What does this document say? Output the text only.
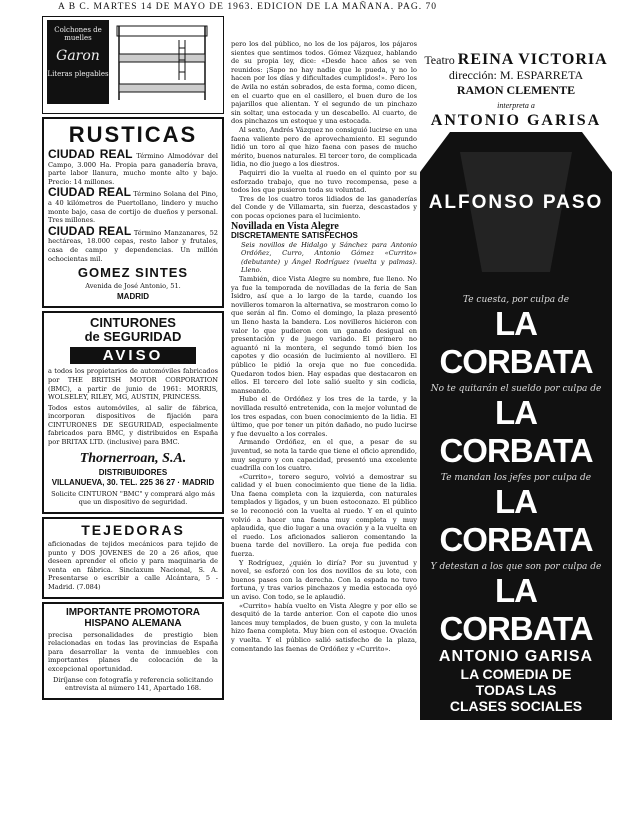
A B C. MARTES 14 DE MAYO DE 1963. EDICION DE LA MAÑANA. PAG. 70
Colchones de muelles
Garon
Literas plegables
RUSTICAS
CIUDAD REAL Término Almodóvar del Campo, 3.000 Ha. Propia para ganadería brava, parte labor llanura, mucho monte alto y bajo. Precio: 14 millones.
CIUDAD REAL Término Solana del Pino, a 40 kilómetros de Puertollano, lindero y mucho monte bajo, casa de cortijo de dueños y personal. Tres millones.
CIUDAD REAL Término Manzanares, 52 hectáreas, 18.000 cepas, resto labor y frutales, casa de campo y dependencias. Un millón ochocientas mil.
GOMEZ SINTES
Avenida de José Antonio, 51.
MADRID
CINTURONES
de SEGURIDAD
AVISO
a todos los propietarios de automóviles fabricados por THE BRITISH MOTOR CORPORATION (BMC), a partir de junio de 1961: MORRIS, WOLSELEY, RILEY, MG, AUSTIN, PRINCESS.
Todos estos automóviles, al salir de fábrica, incorporan dispositivos de fijación para CINTURONES DE SEGURIDAD, especialmente fabricados para BMC, y distribuidos en España por BRITAX LTD. (inclusive) para BMC.
Thornerroan, S.A.
DISTRIBUIDORES
VILLANUEVA, 30. TEL. 225 36 27 · MADRID
Solicite CINTURON "BMC" y comprará algo más que un dispositivo de seguridad.
TEJEDORAS
aficionadas de tejidos mecánicos para tejido de punto y DOS JOVENES de 20 a 26 años, que deseen aprender el oficio y para maquinaria de venta en fábrica. Sinclaxum Nacional, S. A. Presentarse o escribir a calle Alcántara, 5 - Madrid. (7.084)
IMPORTANTE PROMOTORA HISPANO ALEMANA
precisa personalidades de prestigio bien relacionadas en todas las provincias de España para desarrollar la venta de inmuebles con importantes planes de colocación de la excepcional oportunidad.
Diríjanse con fotografía y referencia solicitando entrevista al número 141, Apartado 168.
pero los del público, no los de los pájaros, los pájaros sientes que sentimos todos. Gómez Vázquez, hablando de su propia ley, dice: «Desde hace años se ven reunidos: ¡Sapo no hay nadie que le pueda, y no lo hacen por los días y dificultades cumplidos!». Pero los de Avila no están sobrados, de esta forma, como dicen, en el cuarto que en el casillero, el buen duro de los pajarillos que alientan. Y el segundo de un pinchazo sin soltar, una estocada y un descabello. Al cuarto, de dos pinchazos un estoque y una estocada.
Al sexto, Andrés Vázquez no consiguió lucirse en una faena valiente pero de aprovechamiento. El segundo lidió un toro al que hizo faena con pases de mucho mérito, buenos naturales. El tercer toro, de complicada lidia, no dio juego a los diestros.
Paquirri dio la vuelta al ruedo en el quinto por su esforzado trabajo, que no tuvo recompensa, pese a todos los que pusieron toda su voluntad.
Tres de los cuatro toros lidiados de las ganaderías del Conde y de Villamarta, sin fuerza, descastados y con pocas opciones para el lucimiento.
Novillada en Vista Alegre
DISCRETAMENTE SATISFECHOS
Seis novillos de Hidalgo y Sánchez para Antonio Ordóñez, Curro, Antonio Gómez «Currito» (debutante) y Ángel Rodríguez (vuelta y palmas). Lleno.
También, dice Vista Alegre su nombre, fue lleno. No ya fue la temporada de novilladas de la feria de San Isidro, así que a lo largo de la tarde, cuando los novilleros tomaron la alternativa, se mostraron como lo que serán al fin. Como el domingo, la plaza presentó un lleno hasta la bandera. Los novilleros hicieron con valor lo que pudieron con un ganado desigual en presentación y de juego variado. El primero no aguantó ni la montera, el segundo tomó bien los capotes y dio ocasión de lucimiento al novillero. El público le pidió la oreja que no fue concedida. Quedaron todos bien. Hay espadas que destacaron en ellos. El tercero del lote salió suelto y sin codicia, manseando.
Hubo el de Ordóñez y los tres de la tarde, y la novillada resultó entretenida, con la mejor voluntad de los tres espadas, con buen conocimiento de la lidia. El último, que por tener un pitón dañado, no pudo lucirse y fue devuelto a los corrales.
Armando Ordóñez, en el que, a pesar de su juventud, se nota la tarde que tiene el oficio aprendido, muy seguro y con capacidad, presentó una excelente cuadrilla con los cuatro.
«Currito», torero seguro, volvió a demostrar su calidad y el buen conocimiento que tiene de la lidia. Una faena completa con la izquierda, con naturales templados y ligados, y un buen estoconazo. El público se lo reconoció con la vuelta al ruedo. Y en el quinto volvió a hacer una faena muy completa y muy aplaudida, que dio lugar a una ovación y a la vuelta en el ruedo. Los aficionados salieron comentando la buena tarde del novillero. La oreja fue pedida con fuerza.
Y Rodríguez, ¿quién lo diría? Por su juventud y novel, se esforzó con los dos novillos de su lote, con buenos pases con la derecha. Con la espada no tuvo fortuna, y tras varios pinchazos y media estocada oyó un aviso. Con todo, se le aplaudió.
«Currito» había vuelto en Vista Alegre y por ello se desquitó de la tarde anterior. Con el capote dio unos lances muy templados, de buen gusto, y con la muleta hizo faena completa. Muy bien con el estoque. Ovación y vuelta. Y el público salió satisfecho de la plaza, comentando las faenas de Ordóñez y «Currito».
Teatro REINA VICTORIA
dirección: M. ESPARRETA
RAMON CLEMENTE
interpreta a
ANTONIO GARISA
ALFONSO PASO
Te cuesta, por culpa de
LA CORBATA
No te quitarán el sueldo por culpa de
LA CORBATA
Te mandan los jefes por culpa de
LA CORBATA
Y detestan a los que son por culpa de
LA CORBATA
ANTONIO GARISA
LA COMEDIA DE
TODAS LAS
CLASES SOCIALES
